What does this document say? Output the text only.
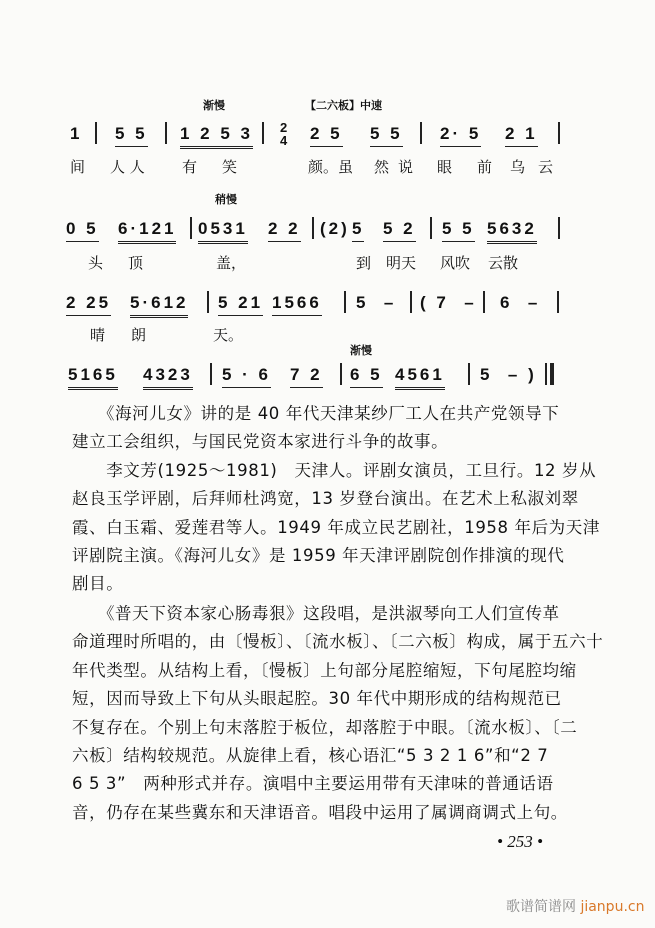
渐慢	【二六板】中速
稍慢
渐慢
1 5 5 1 2 5 3 2
4 2 5 5 5 2· 5 2 1
间 人 人 有 笑	颜。虽 然 说 眼 前 乌 云
0 5 6·121 0531 2 2 (2) 5 5 2 5 5 5632
头 顶	盖，	到 明天 风吹 云散
2 25 5·612 5 21 1566 5  – ( 7  – 6  –
晴 朗	天。
5165 4323 5 · 6 7 2 6 5 4561 5  – )
　　《海河儿女》讲的是 40 年代天津某纱厂工人在共产党领导下
建立工会组织，与国民党资本家进行斗争的故事。
　　李文芳(1925～1981)　天津人。评剧女演员，工旦行。12 岁从
赵良玉学评剧，后拜师杜鸿宽，13 岁登台演出。在艺术上私淑刘翠
霞、白玉霜、爱莲君等人。1949 年成立民艺剧社，1958 年后为天津
评剧院主演。《海河儿女》是 1959 年天津评剧院创作排演的现代
剧目。
　　《普天下资本家心肠毒狠》这段唱，是洪淑琴向工人们宣传革
命道理时所唱的，由〔慢板〕、〔流水板〕、〔二六板〕构成，属于五六十
年代类型。从结构上看，〔慢板〕上句部分尾腔缩短，下句尾腔均缩
短，因而导致上下句从头眼起腔。30 年代中期形成的结构规范已
不复存在。个别上句末落腔于板位，却落腔于中眼。〔流水板〕、〔二
六板〕结构较规范。从旋律上看，核心语汇“5 3 2 1 6”和“2 7
6 5 3”　两种形式并存。演唱中主要运用带有天津味的普通话语
音，仍存在某些冀东和天津语音。唱段中运用了属调商调式上句。
• 253 •
歌谱简谱网 jianpu.cn
